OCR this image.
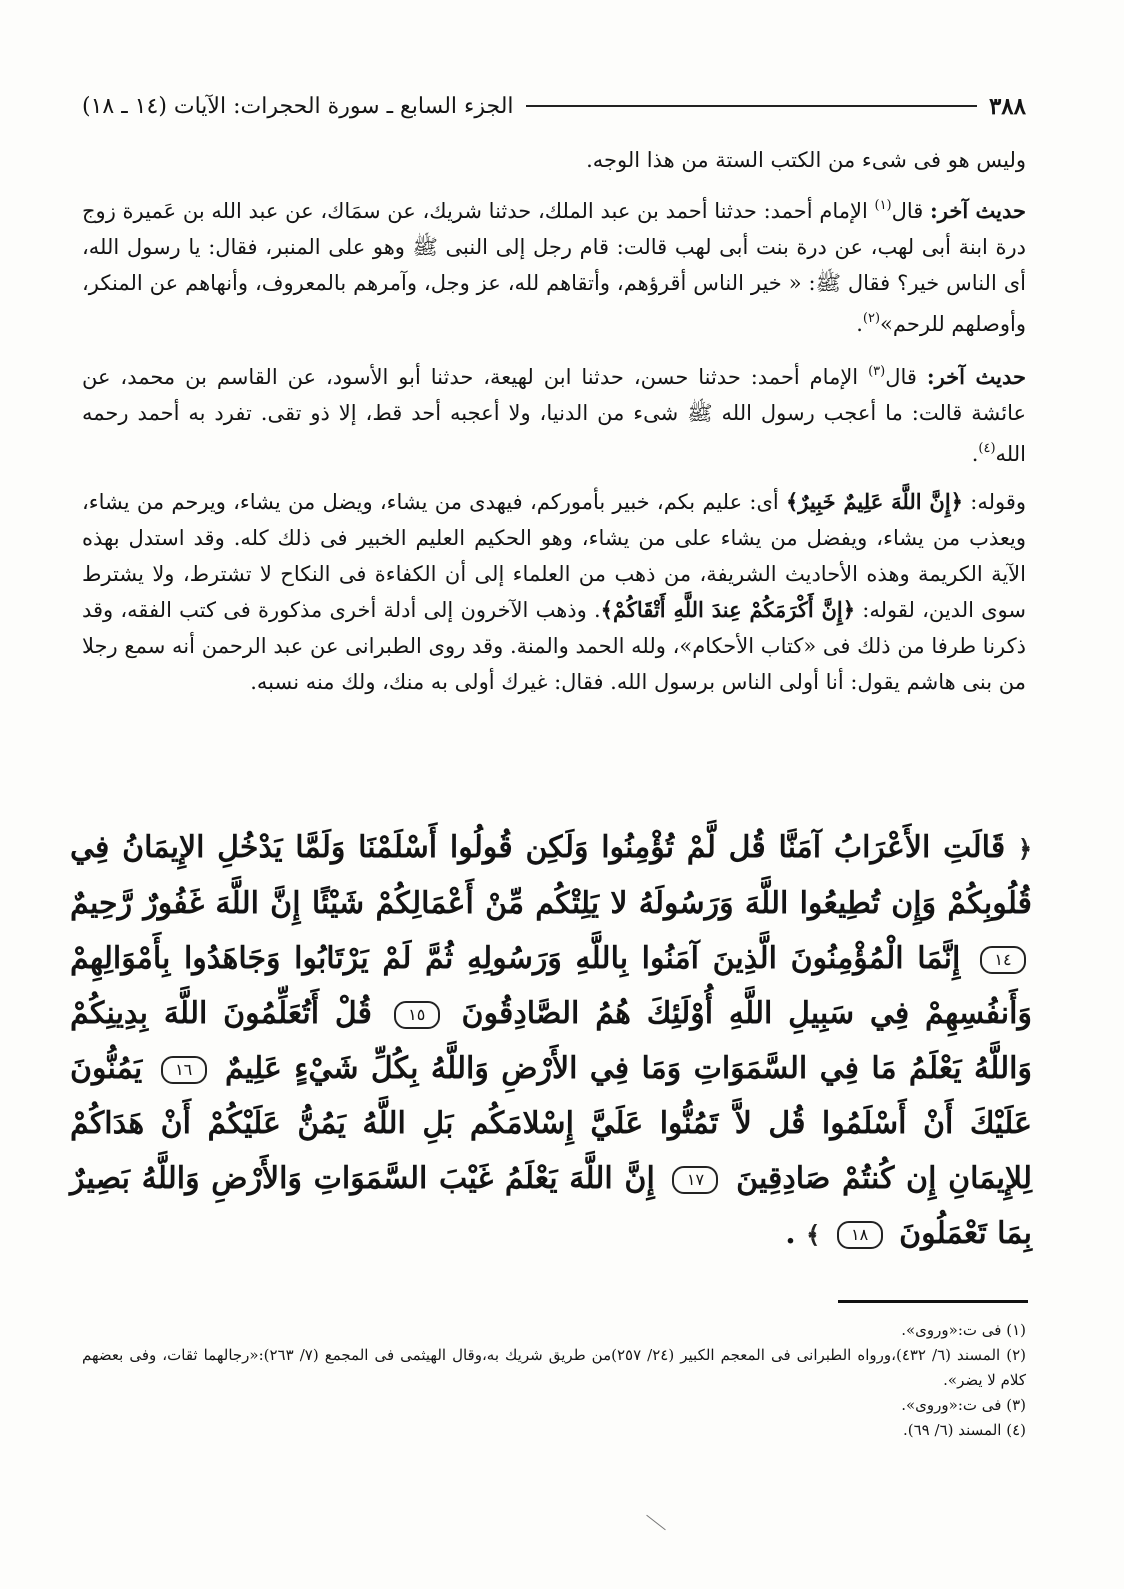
٣٨٨
الجزء السابع ـ سورة الحجرات: الآيات (١٤ ـ ١٨)

وليس هو فى شىء من الكتب الستة من هذا الوجه.

حديث آخر: قال$^{(١)}$ الإمام أحمد: حدثنا أحمد بن عبد الملك، حدثنا شريك، عن سمَاك، عن عبد الله بن عَميرة زوج درة ابنة أبى لهب، عن درة بنت أبى لهب قالت: قام رجل إلى النبى ﷺ وهو على المنبر، فقال: يا رسول الله، أى الناس خير؟ فقال ﷺ: « خير الناس أقرؤهم، وأتقاهم لله، عز وجل، وآمرهم بالمعروف، وأنهاهم عن المنكر، وأوصلهم للرحم»$^{(٢)}$.

حديث آخر: قال$^{(٣)}$ الإمام أحمد: حدثنا حسن، حدثنا ابن لهيعة، حدثنا أبو الأسود، عن القاسم بن محمد، عن عائشة قالت: ما أعجب رسول الله ﷺ شىء من الدنيا، ولا أعجبه أحد قط، إلا ذو تقى. تفرد به أحمد رحمه الله$^{(٤)}$.

وقوله: ﴿إِنَّ اللَّهَ عَلِيمٌ خَبِيرٌ﴾ أى: عليم بكم، خبير بأموركم، فيهدى من يشاء، ويضل من يشاء، ويرحم من يشاء، ويعذب من يشاء، ويفضل من يشاء على من يشاء، وهو الحكيم العليم الخبير فى ذلك كله. وقد استدل بهذه الآية الكريمة وهذه الأحاديث الشريفة، من ذهب من العلماء إلى أن الكفاءة فى النكاح لا تشترط، ولا يشترط سوى الدين، لقوله: ﴿إِنَّ أَكْرَمَكُمْ عِندَ اللَّهِ أَتْقَاكُمْ﴾. وذهب الآخرون إلى أدلة أخرى مذكورة فى كتب الفقه، وقد ذكرنا طرفا من ذلك فى «كتاب الأحكام»، ولله الحمد والمنة. وقد روى الطبرانى عن عبد الرحمن أنه سمع رجلا من بنى هاشم يقول: أنا أولى الناس برسول الله. فقال: غيرك أولى به منك، ولك منه نسبه.

﴿ قَالَتِ الأَعْرَابُ آمَنَّا قُل لَّمْ تُؤْمِنُوا وَلَكِن قُولُوا أَسْلَمْنَا وَلَمَّا يَدْخُلِ الإِيمَانُ فِي قُلُوبِكُمْ وَإِن تُطِيعُوا اللَّهَ وَرَسُولَهُ لا يَلِتْكُم مِّنْ أَعْمَالِكُمْ شَيْئًا إِنَّ اللَّهَ غَفُورٌ رَّحِيمٌ ١٤ إِنَّمَا الْمُؤْمِنُونَ الَّذِينَ آمَنُوا بِاللَّهِ وَرَسُولِهِ ثُمَّ لَمْ يَرْتَابُوا وَجَاهَدُوا بِأَمْوَالِهِمْ وَأَنفُسِهِمْ فِي سَبِيلِ اللَّهِ أُوْلَئِكَ هُمُ الصَّادِقُونَ ١٥ قُلْ أَتُعَلِّمُونَ اللَّهَ بِدِينِكُمْ وَاللَّهُ يَعْلَمُ مَا فِي السَّمَوَاتِ وَمَا فِي الأَرْضِ وَاللَّهُ بِكُلِّ شَيْءٍ عَلِيمٌ ١٦ يَمُنُّونَ عَلَيْكَ أَنْ أَسْلَمُوا قُل لاَّ تَمُنُّوا عَلَيَّ إِسْلامَكُم بَلِ اللَّهُ يَمُنُّ عَلَيْكُمْ أَنْ هَدَاكُمْ لِلإِيمَانِ إِن كُنتُمْ صَادِقِينَ ١٧ إِنَّ اللَّهَ يَعْلَمُ غَيْبَ السَّمَوَاتِ وَالأَرْضِ وَاللَّهُ بَصِيرٌ بِمَا تَعْمَلُونَ ١٨ ﴾ .
(١) فى ت:«وروى».
(٢) المسند (٦/ ٤٣٢)،ورواه الطبرانى فى المعجم الكبير (٢٤/ ٢٥٧)من طريق شريك به،وقال الهيثمى فى المجمع (٧/ ٢٦٣):«رجالهما ثقات، وفى بعضهم كلام لا يضر».
(٣) فى ت:«وروى».
(٤) المسند (٦/ ٦٩).
